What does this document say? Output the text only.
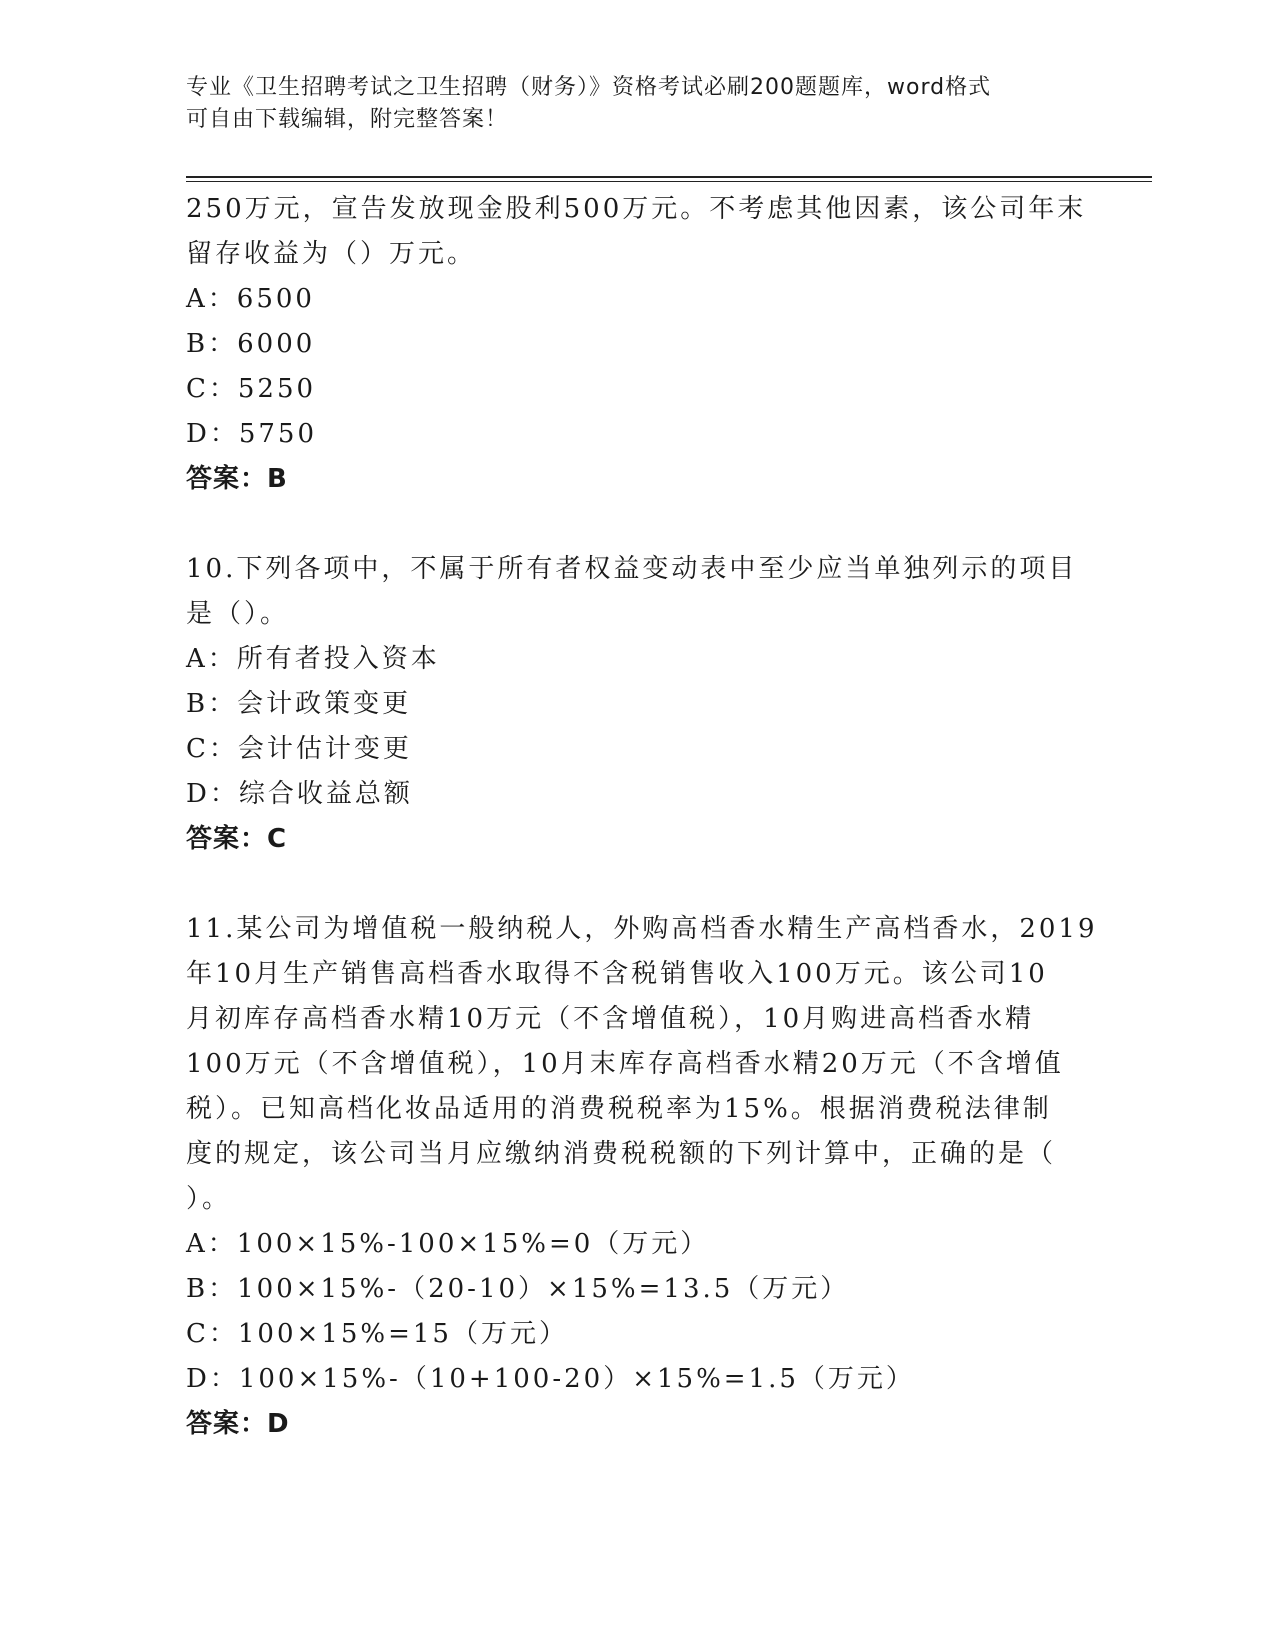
专业《卫生招聘考试之卫生招聘（财务）》资格考试必刷200题题库，word格式
可自由下载编辑，附完整答案！
250万元，宣告发放现金股利500万元。不考虑其他因素，该公司年末
留存收益为（）万元。
A：6500
B：6000
C：5250
D：5750
答案：B
10.下列各项中，不属于所有者权益变动表中至少应当单独列示的项目
是（）。
A：所有者投入资本
B：会计政策变更
C：会计估计变更
D：综合收益总额
答案：C
11.某公司为增值税一般纳税人，外购高档香水精生产高档香水，2019
年10月生产销售高档香水取得不含税销售收入100万元。该公司10
月初库存高档香水精10万元（不含增值税），10月购进高档香水精
100万元（不含增值税），10月末库存高档香水精20万元（不含增值
税）。已知高档化妆品适用的消费税税率为15%。根据消费税法律制
度的规定，该公司当月应缴纳消费税税额的下列计算中，正确的是（
）。
A：100×15%-100×15%=0（万元）
B：100×15%-（20-10）×15%=13.5（万元）
C：100×15%=15（万元）
D：100×15%-（10+100-20）×15%=1.5（万元）
答案：D
